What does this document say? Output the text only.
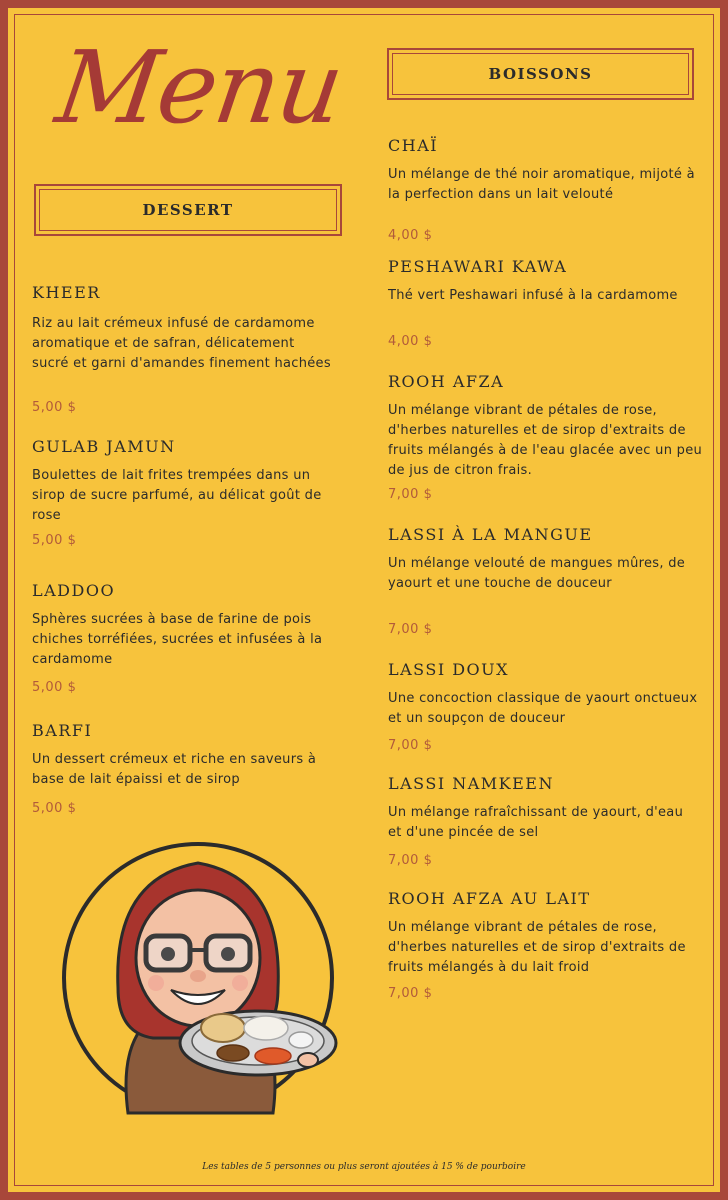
Menu
DESSERT
BOISSONS
KHEER
Riz au lait crémeux infusé de cardamome aromatique et de safran, délicatement sucré et garni d'amandes finement hachées
5,00 $
GULAB JAMUN
Boulettes de lait frites trempées dans un sirop de sucre parfumé, au délicat goût de rose
5,00 $
LADDOO
Sphères sucrées à base de farine de pois chiches torréfiées, sucrées et infusées à la cardamome
5,00 $
BARFI
Un dessert crémeux et riche en saveurs à base de lait épaissi et de sirop
5,00 $
CHAÏ
Un mélange de thé noir aromatique, mijoté à la perfection dans un lait velouté
4,00 $
PESHAWARI KAWA
Thé vert Peshawari infusé à la cardamome
4,00 $
ROOH AFZA
Un mélange vibrant de pétales de rose, d'herbes naturelles et de sirop d'extraits de fruits mélangés à de l'eau glacée avec un peu de jus de citron frais.
7,00 $
LASSI À LA MANGUE
Un mélange velouté de mangues mûres, de yaourt et une touche de douceur
7,00 $
LASSI DOUX
Une concoction classique de yaourt onctueux et un soupçon de douceur
7,00 $
LASSI NAMKEEN
Un mélange rafraîchissant de yaourt, d'eau et d'une pincée de sel
7,00 $
ROOH AFZA AU LAIT
Un mélange vibrant de pétales de rose, d'herbes naturelles et de sirop d'extraits de fruits mélangés à du lait froid
7,00 $
Les tables de 5 personnes ou plus seront ajoutées à 15 % de pourboire
